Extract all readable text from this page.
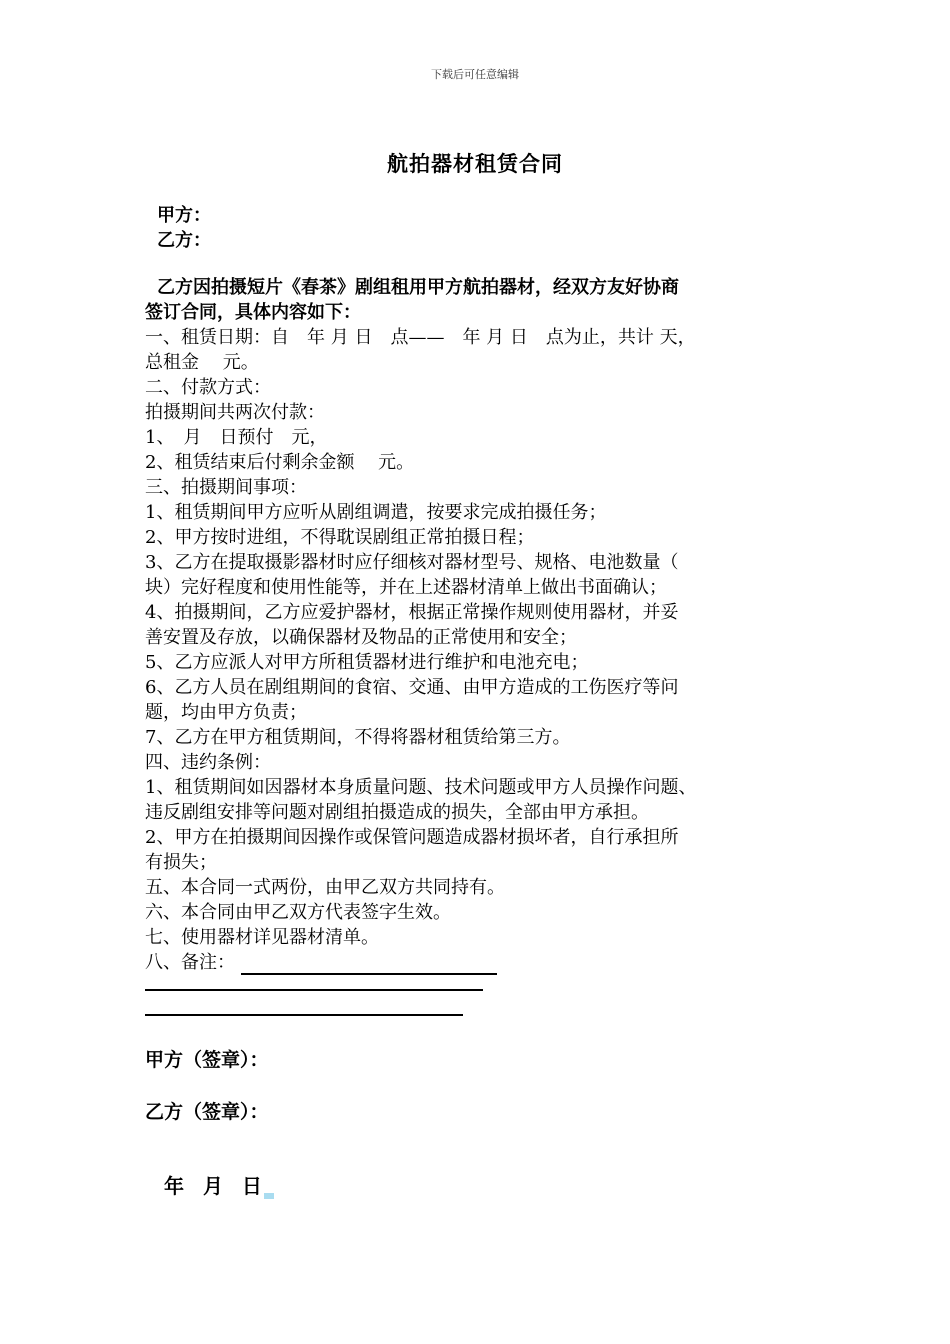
下载后可任意编辑
航拍器材租赁合同
甲方：
乙方：
乙方因拍摄短片《春茶》剧组租用甲方航拍器材，经双方友好协商
签订合同，具体内容如下：
一、租赁日期：自　年 月 日　点——　年 月 日　点为止，共计 天，
总租金　 元。
二、付款方式：
拍摄期间共两次付款：
1、　月　日预付　元，
2、租赁结束后付剩余金额　 元。
三、拍摄期间事项：
1、租赁期间甲方应听从剧组调遣，按要求完成拍摄任务；
2、甲方按时进组，不得耽误剧组正常拍摄日程；
3、乙方在提取摄影器材时应仔细核对器材型号、规格、电池数量（
块）完好程度和使用性能等，并在上述器材清单上做出书面确认；
4、拍摄期间，乙方应爱护器材，根据正常操作规则使用器材，并妥
善安置及存放，以确保器材及物品的正常使用和安全；
5、乙方应派人对甲方所租赁器材进行维护和电池充电；
6、乙方人员在剧组期间的食宿、交通、由甲方造成的工伤医疗等问
题，均由甲方负责；
7、乙方在甲方租赁期间，不得将器材租赁给第三方。
四、违约条例：
1、租赁期间如因器材本身质量问题、技术问题或甲方人员操作问题、
违反剧组安排等问题对剧组拍摄造成的损失，全部由甲方承担。
2、甲方在拍摄期间因操作或保管问题造成器材损坏者，自行承担所
有损失；
五、本合同一式两份，由甲乙双方共同持有。
六、本合同由甲乙双方代表签字生效。
七、使用器材详见器材清单。
八、备注：
甲方（签章）：
乙方（签章）：
年 月 日
